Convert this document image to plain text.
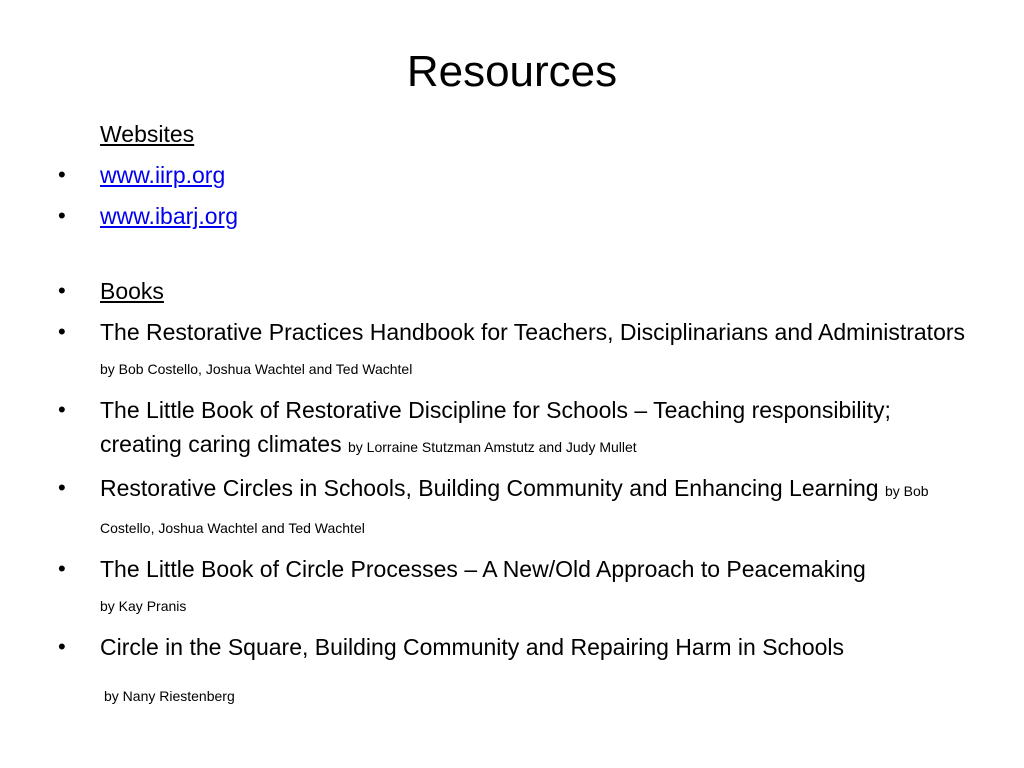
Resources
Websites
•	www.iirp.org
•	www.ibarj.org
•	Books
•	The Restorative Practices Handbook for Teachers, Disciplinarians and Administrators by Bob Costello, Joshua Wachtel and Ted Wachtel
•	The Little Book of Restorative Discipline for Schools – Teaching responsibility; creating caring climates by Lorraine Stutzman Amstutz and Judy Mullet
•	Restorative Circles in Schools, Building Community and Enhancing Learning by Bob Costello, Joshua Wachtel and Ted Wachtel
•	The Little Book of Circle Processes – A New/Old Approach to Peacemaking
by Kay Pranis
•	Circle in the Square, Building Community and Repairing Harm in Schools
by Nany Riestenberg
